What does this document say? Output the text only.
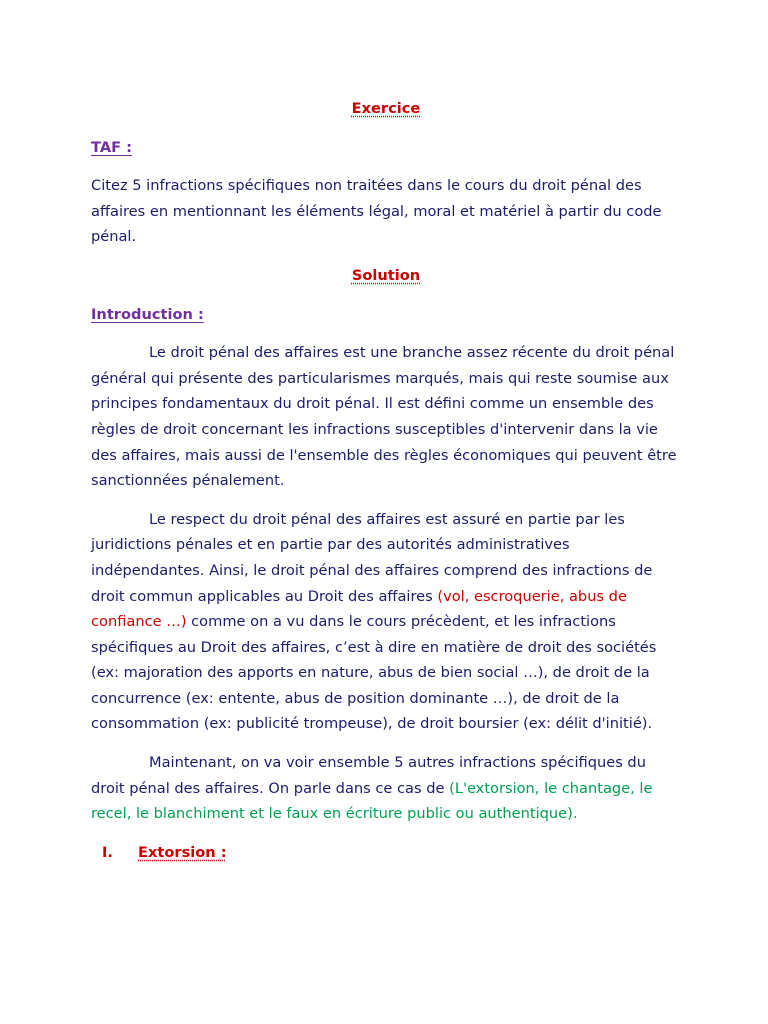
Exercice
TAF :

Citez 5 infractions spécifiques non traitées dans le cours du droit pénal des affaires en mentionnant les éléments légal, moral et matériel à partir du code pénal.

Solution
Introduction :

Le droit pénal des affaires est une branche assez récente du droit pénal général qui présente des particularismes marqués, mais qui reste soumise aux principes fondamentaux du droit pénal. Il est défini comme un ensemble des règles de droit concernant les infractions susceptibles d'intervenir dans la vie des affaires, mais aussi de l'ensemble des règles économiques qui peuvent être sanctionnées pénalement.

Le respect du droit pénal des affaires est assuré en partie par les juridictions pénales et en partie par des autorités administratives indépendantes. Ainsi, le droit pénal des affaires comprend des infractions de droit commun applicables au Droit des affaires (vol, escroquerie, abus de confiance …) comme on a vu dans le cours précèdent, et les infractions spécifiques au Droit des affaires, c’est à dire en matière de droit des sociétés (ex: majoration des apports en nature, abus de bien social …), de droit de la concurrence (ex: entente, abus de position dominante …), de droit de la consommation (ex: publicité trompeuse), de droit boursier (ex: délit d'initié).

Maintenant, on va voir ensemble 5 autres infractions spécifiques du droit pénal des affaires. On parle dans ce cas de (L'extorsion, le chantage, le recel, le blanchiment et le faux en écriture public ou authentique).

I. Extorsion :
